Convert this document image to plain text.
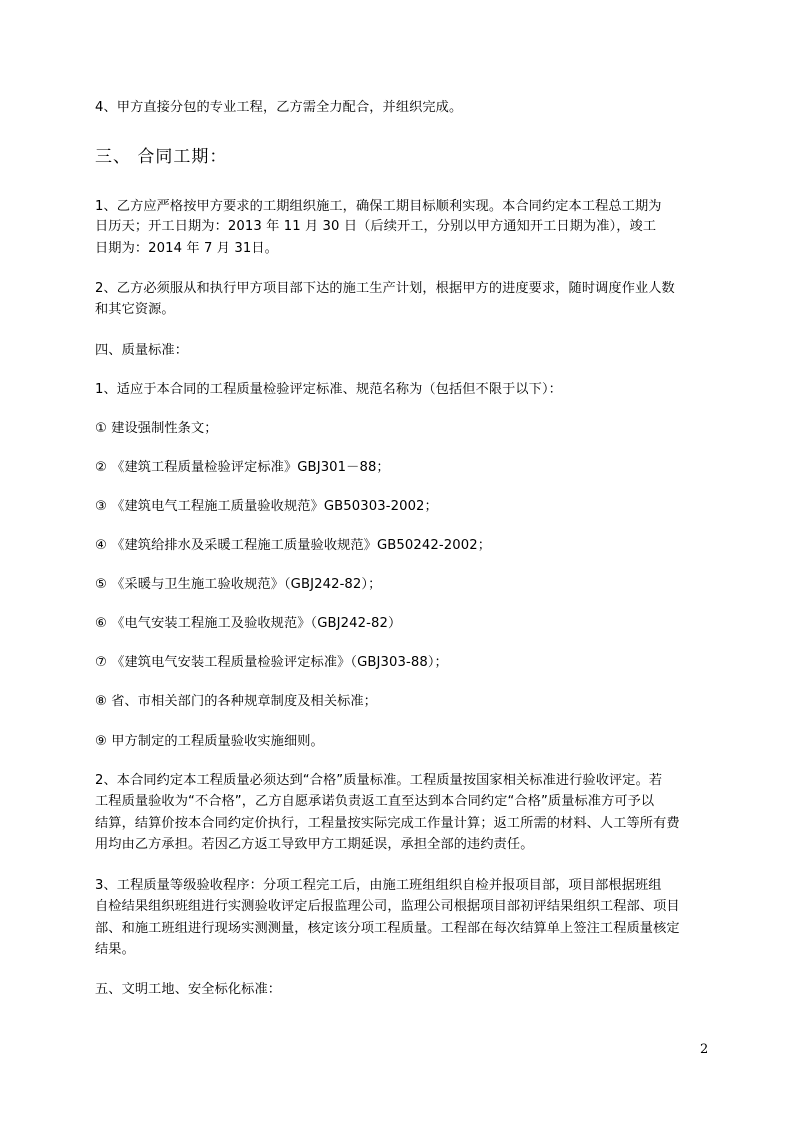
4、甲方直接分包的专业工程，乙方需全力配合，并组织完成。
三、 合同工期：
1、乙方应严格按甲方要求的工期组织施工，确保工期目标顺利实现。本合同约定本工程总工期为
日历天；开工日期为：2013 年 11 月 30 日（后续开工，分别以甲方通知开工日期为准），竣工
日期为：2014 年 7 月 31日。
2、乙方必须服从和执行甲方项目部下达的施工生产计划，根据甲方的进度要求，随时调度作业人数
和其它资源。
四、质量标准：
1、适应于本合同的工程质量检验评定标准、规范名称为（包括但不限于以下）：
① 建设强制性条文；
② 《建筑工程质量检验评定标准》GBJ301－88；
③ 《建筑电气工程施工质量验收规范》GB50303-2002；
④ 《建筑给排水及采暖工程施工质量验收规范》GB50242-2002；
⑤ 《采暖与卫生施工验收规范》（GBJ242-82）；
⑥ 《电气安装工程施工及验收规范》（GBJ242-82）
⑦ 《建筑电气安装工程质量检验评定标准》（GBJ303-88）；
⑧ 省、市相关部门的各种规章制度及相关标准；
⑨ 甲方制定的工程质量验收实施细则。
2、本合同约定本工程质量必须达到“合格”质量标准。工程质量按国家相关标准进行验收评定。若
工程质量验收为“不合格”，乙方自愿承诺负责返工直至达到本合同约定“合格”质量标准方可予以
结算，结算价按本合同约定价执行，工程量按实际完成工作量计算；返工所需的材料、人工等所有费
用均由乙方承担。若因乙方返工导致甲方工期延误，承担全部的违约责任。
3、工程质量等级验收程序：分项工程完工后，由施工班组组织自检并报项目部，项目部根据班组
自检结果组织班组进行实测验收评定后报监理公司，监理公司根据项目部初评结果组织工程部、项目
部、和施工班组进行现场实测测量，核定该分项工程质量。工程部在每次结算单上签注工程质量核定
结果。
五、文明工地、安全标化标准：
2
